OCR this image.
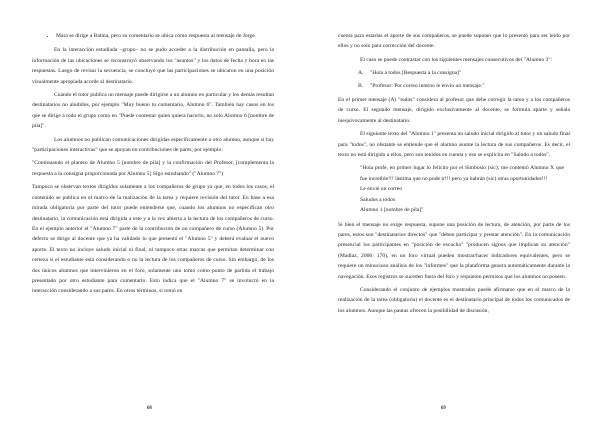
• Mara se dirige a Batina, pero su comentario se ubica como respuesta al mensaje de Jorge.

En la interacción estudiada –grupo– no se pudo acceder a la distribución en pantalla, pero la información de las ubicaciones se reconstruyó observando los "asuntos" y los datos de fecha y hora en las respuestas. Luego de revisar la secuencia, se concluyó que las participaciones se ubicaron en una posición visualmente apropiada acorde al destinatario.

Cuando el tutor publica un mensaje puede dirigirse a un alumno en particular y los demás resultan destinatarios no aludidos, por ejemplo "Muy bueno tu comentario, Alumno 6". También hay casos en los que se dirige a todo el grupo como en "Puede contestar quien quiera hacerlo, no solo Alumno 6 [nombre de pila]".

Los alumnos no publican comunicaciones dirigidas específicamente a otro alumno, aunque sí hay "participaciones interactivas" que se apoyan en contribuciones de pares, por ejemplo:

"Continuando el planteo de Alumno 5 [nombre de pila] y la confirmación del Profesor, [complementa la respuesta a la consigna proporcionada por Alumno 5] Sigo estudiando" ("Alumno 7")

Tampoco se observan textos dirigidos solamente a los compañeros de grupo ya que, en todos los casos, el contenido se publica en el marco de la realización de la tarea y requiere revisión del tutor. En base a esa mirada obligatoria por parte del tutor puede entenderse que, cuando los alumnos no especifican otro destinatario, la comunicación está dirigida a este y a la vez abierta a la lectura de los compañeros de curso. En el ejemplo anterior el "Alumno 7" parte de la contribución de un compañero de curso (Alumno 5). Por defecto se dirige al docente que ya ha validado lo que presentó el "Alumno 5" y deberá evaluar el nuevo aporte. El texto no incluye saludo inicial ni final, ni tampoco otras marcas que permitan determinar con certeza si el estudiante está considerando o no la lectura de los compañeros de curso. Sin embargo, de los dos únicos alumnos que intervinieron en el foro, solamente uno tomó como punto de partida el trabajo presentado por otro estudiante para comentarlo. Esto indica que el "Alumno 7" se involucró en la interacción considerando a sus pares. En otros términos, si tomó en

68

cuenta para estarlas el aporte de sus compañeros, se puede suponer que lo presentó para ser leído por ellos y no solo para corrección del docente.

El caso se puede contrastar con los siguientes mensajes consecutivos del "Alumno 3":

A. "Hola a todos [Respuesta a la consigna]"
B. "Profesor: Por correo interno le envío un mensaje."

En el primer mensaje (A) "todos" considera al profesor que debe corregir la tarea y a los compañeros de curso. El segundo mensaje, dirigido exclusivamente al docente, se formula aparte y señala inequívocamente al destinatario.

El siguiente texto del "Alumno 1" presenta un saludo inicial dirigido al tutor y un saludo final para "todos", no obstante se entiende que el alumno asume la lectura de sus compañeros. Es decir, el texto no está dirigido a ellos, pero son tenidos en cuenta y eso se explicita en "Saludo a todos".

"Hola profe, en primer lugar lo felicito por el Simbosio (sic); me contentó Alumno X que fue increíble!!! lástima que no pude ir!!! pero ya habrán (sic) otras oportunidades!!!

Le envié un correo

Saludos a todos

Alumno 1 [nombre de pila]"

Si bien el mensaje no exige respuesta, supone una posición de lectura, de atención, por parte de los pares, estos son "destinatarios directos" que "deben participar y prestar atención". En la comunicación presencial los participantes en "posición de escucha" "producen signos que implican su atención" (Madlaz, 2006: 170), en un foro virtual pueden mostrar/hacer indicadores equivalentes, pero se requiere un minucioso análisis de los "informes" que la plataforma genera automáticamente durante la navegación. Esos registros se suceden fuera del foro y requieren permisos que los alumnos no poseen.

Considerando el conjunto de ejemplos mostrados puede afirmarse que en el marco de la realización de la tarea (obligatoria) el docente es el destinatario principal de todos los comunicados de los alumnos. Aunque las pautas ofrecen la posibilidad de discusión,

69
